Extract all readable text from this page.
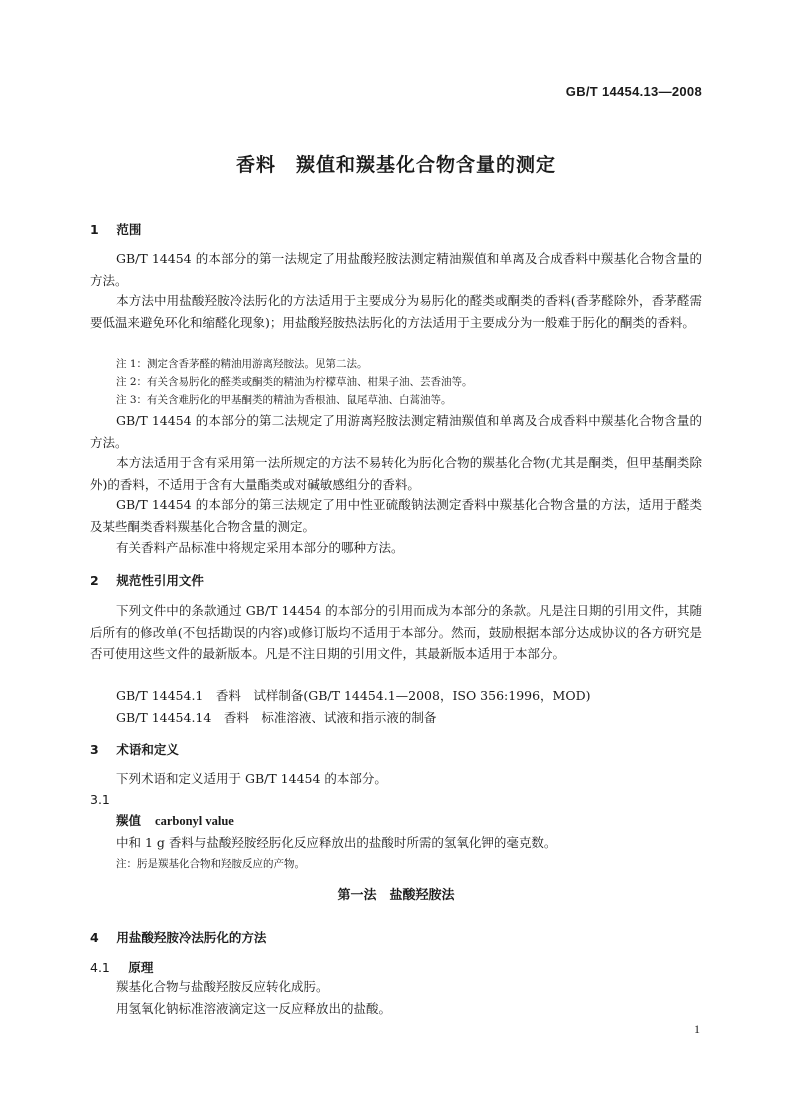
GB/T 14454.13—2008
香料　羰值和羰基化合物含量的测定
1 范围
GB/T 14454 的本部分的第一法规定了用盐酸羟胺法测定精油羰值和单离及合成香料中羰基化合物含量的方法。
本方法中用盐酸羟胺冷法肟化的方法适用于主要成分为易肟化的醛类或酮类的香料(香茅醛除外，香茅醛需要低温来避免环化和缩醛化现象)；用盐酸羟胺热法肟化的方法适用于主要成分为一般难于肟化的酮类的香料。
注 1：测定含香茅醛的精油用游离羟胺法。见第二法。
注 2：有关含易肟化的醛类或酮类的精油为柠檬草油、柑果子油、芸香油等。
注 3：有关含难肟化的甲基酮类的精油为香根油、鼠尾草油、白蒿油等。
GB/T 14454 的本部分的第二法规定了用游离羟胺法测定精油羰值和单离及合成香料中羰基化合物含量的方法。
本方法适用于含有采用第一法所规定的方法不易转化为肟化合物的羰基化合物(尤其是酮类，但甲基酮类除外)的香料，不适用于含有大量酯类或对碱敏感组分的香料。
GB/T 14454 的本部分的第三法规定了用中性亚硫酸钠法测定香料中羰基化合物含量的方法，适用于醛类及某些酮类香料羰基化合物含量的测定。
有关香料产品标准中将规定采用本部分的哪种方法。
2 规范性引用文件
下列文件中的条款通过 GB/T 14454 的本部分的引用而成为本部分的条款。凡是注日期的引用文件，其随后所有的修改单(不包括勘误的内容)或修订版均不适用于本部分。然而，鼓励根据本部分达成协议的各方研究是否可使用这些文件的最新版本。凡是不注日期的引用文件，其最新版本适用于本部分。
GB/T 14454.1　香料　试样制备(GB/T 14454.1—2008，ISO 356:1996，MOD)
GB/T 14454.14　香料　标准溶液、试液和指示液的制备
3 术语和定义
下列术语和定义适用于 GB/T 14454 的本部分。
3.1
羰值 carbonyl value
中和 1 g 香料与盐酸羟胺经肟化反应释放出的盐酸时所需的氢氧化钾的毫克数。
注：肟是羰基化合物和羟胺反应的产物。
第一法　盐酸羟胺法
4 用盐酸羟胺冷法肟化的方法
4.1 原理
羰基化合物与盐酸羟胺反应转化成肟。
用氢氧化钠标准溶液滴定这一反应释放出的盐酸。
1
